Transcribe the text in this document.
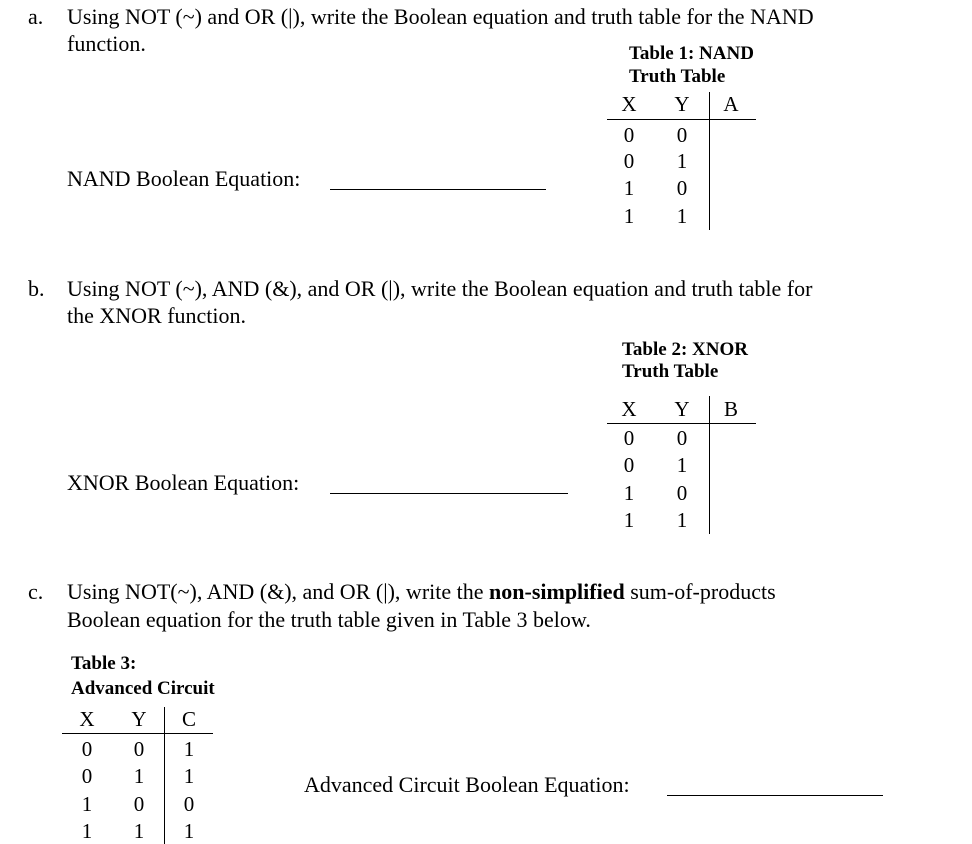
a. Using NOT (~) and OR (|), write the Boolean equation and truth table for the NAND
function.
NAND Boolean Equation:
Table 1: NAND
Truth Table
X Y A
0	0
0	1
1	0
1	1
b. Using NOT (~), AND (&), and OR (|), write the Boolean equation and truth table for
the XNOR function.
XNOR Boolean Equation:
Table 2: XNOR
Truth Table
X Y B
0	0
0	1
1	0
1	1
c. Using NOT(~), AND (&), and OR (|), write the non-simplified sum-of-products
Boolean equation for the truth table given in Table 3 below.
Table 3:
Advanced Circuit
X Y C
0	0	1
0	1	1
1	0	0
1	1	1
Advanced Circuit Boolean Equation:
